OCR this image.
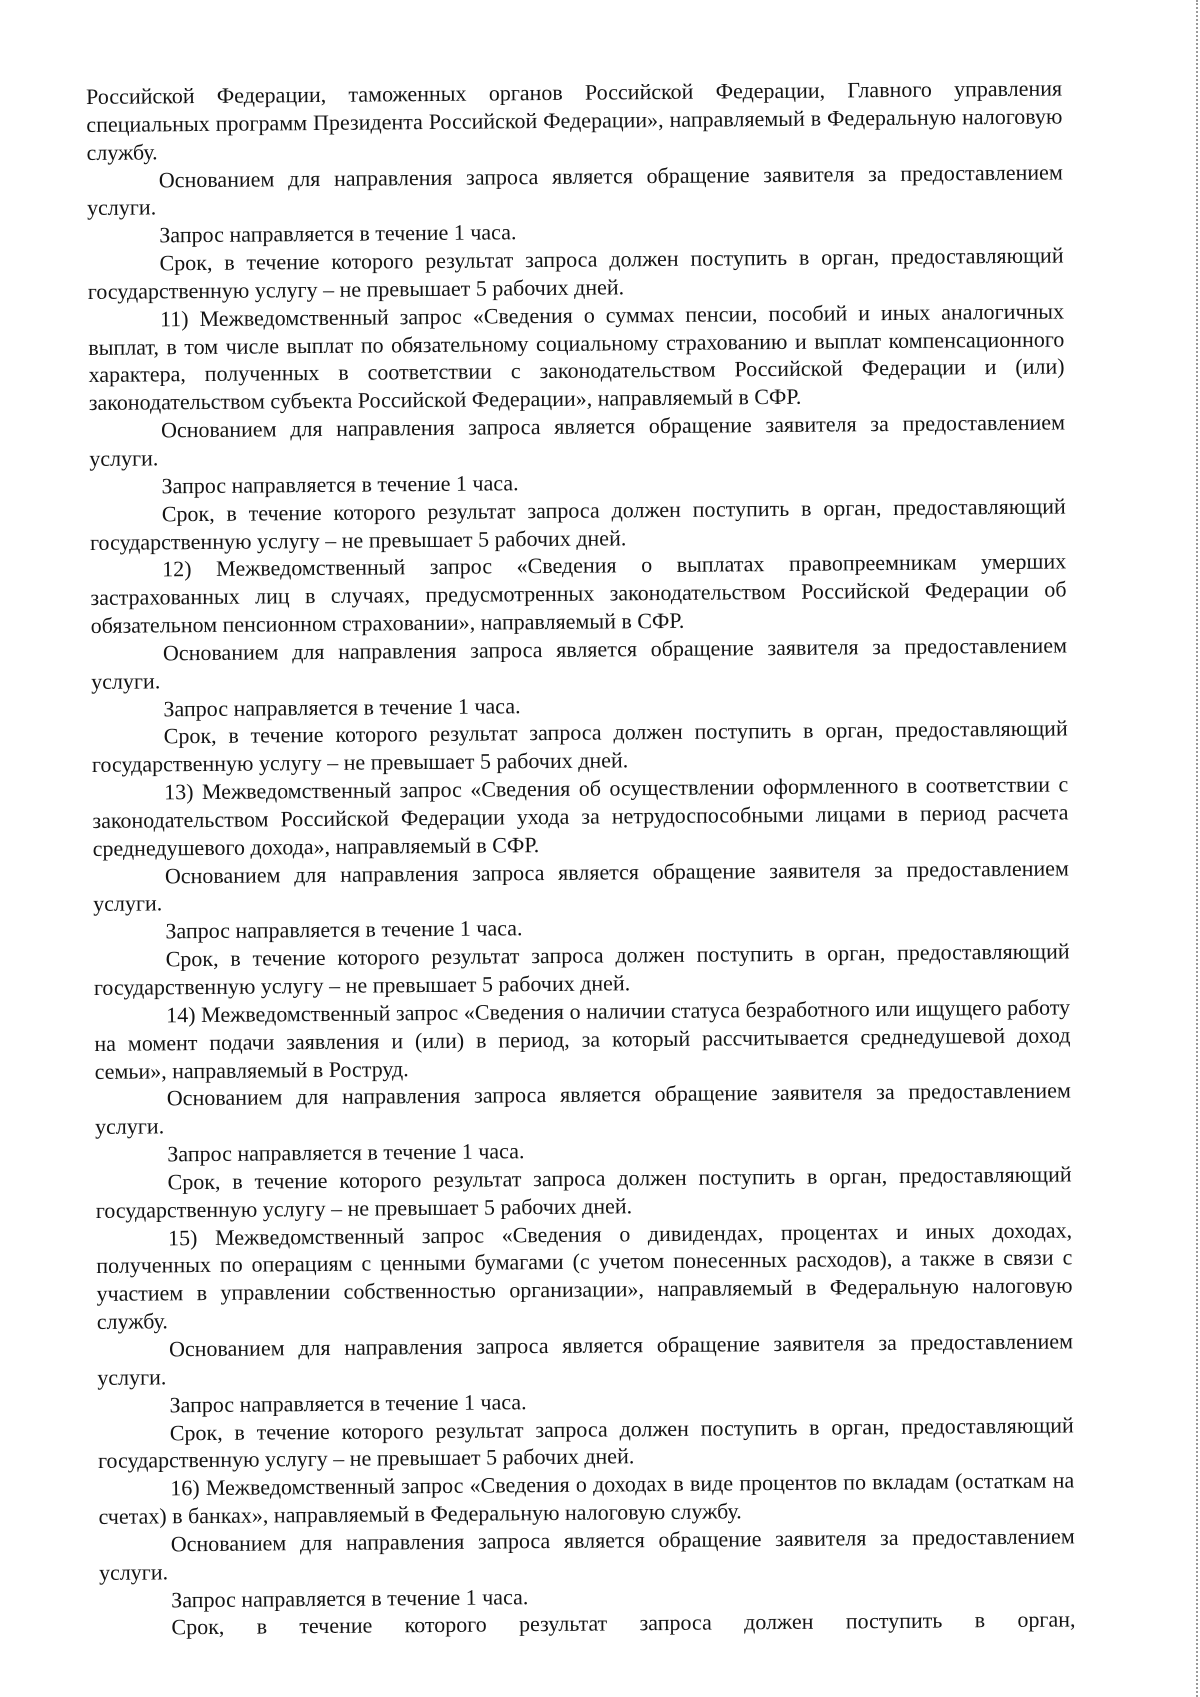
Российской Федерации, таможенных органов Российской Федерации, Главного управления специальных программ Президента Российской Федерации», направляемый в Федеральную налоговую службу.

Основанием для направления запроса является обращение заявителя за предоставлением услуги.

Запрос направляется в течение 1 часа.

Срок, в течение которого результат запроса должен поступить в орган, предоставляющий государственную услугу – не превышает 5 рабочих дней.

11) Межведомственный запрос «Сведения о суммах пенсии, пособий и иных аналогичных выплат, в том числе выплат по обязательному социальному страхованию и выплат компенсационного характера, полученных в соответствии с законодательством Российской Федерации и (или) законодательством субъекта Российской Федерации», направляемый в СФР.

Основанием для направления запроса является обращение заявителя за предоставлением услуги.

Запрос направляется в течение 1 часа.

Срок, в течение которого результат запроса должен поступить в орган, предоставляющий государственную услугу – не превышает 5 рабочих дней.

12) Межведомственный запрос «Сведения о выплатах правопреемникам умерших застрахованных лиц в случаях, предусмотренных законодательством Российской Федерации об обязательном пенсионном страховании», направляемый в СФР.

Основанием для направления запроса является обращение заявителя за предоставлением услуги.

Запрос направляется в течение 1 часа.

Срок, в течение которого результат запроса должен поступить в орган, предоставляющий государственную услугу – не превышает 5 рабочих дней.

13) Межведомственный запрос «Сведения об осуществлении оформленного в соответствии с законодательством Российской Федерации ухода за нетрудоспособными лицами в период расчета среднедушевого дохода», направляемый в СФР.

Основанием для направления запроса является обращение заявителя за предоставлением услуги.

Запрос направляется в течение 1 часа.

Срок, в течение которого результат запроса должен поступить в орган, предоставляющий государственную услугу – не превышает 5 рабочих дней.

14) Межведомственный запрос «Сведения о наличии статуса безработного или ищущего работу на момент подачи заявления и (или) в период, за который рассчитывается среднедушевой доход семьи», направляемый в Роструд.

Основанием для направления запроса является обращение заявителя за предоставлением услуги.

Запрос направляется в течение 1 часа.

Срок, в течение которого результат запроса должен поступить в орган, предоставляющий государственную услугу – не превышает 5 рабочих дней.

15) Межведомственный запрос «Сведения о дивидендах, процентах и иных доходах, полученных по операциям с ценными бумагами (с учетом понесенных расходов), а также в связи с участием в управлении собственностью организации», направляемый в Федеральную налоговую службу.

Основанием для направления запроса является обращение заявителя за предоставлением услуги.

Запрос направляется в течение 1 часа.

Срок, в течение которого результат запроса должен поступить в орган, предоставляющий государственную услугу – не превышает 5 рабочих дней.

16) Межведомственный запрос «Сведения о доходах в виде процентов по вкладам (остаткам на счетах) в банках», направляемый в Федеральную налоговую службу.

Основанием для направления запроса является обращение заявителя за предоставлением услуги.

Запрос направляется в течение 1 часа.

Срок, в течение которого результат запроса должен поступить в орган,
